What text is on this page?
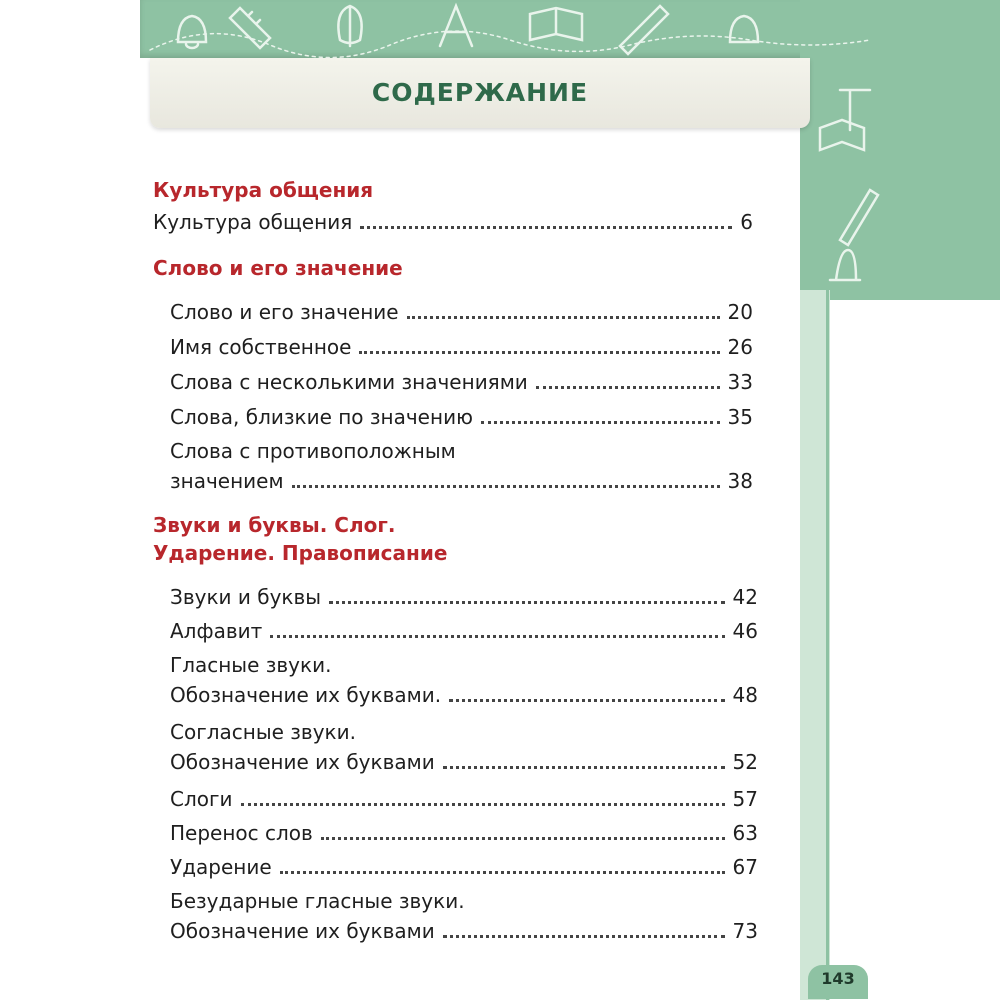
СОДЕРЖАНИЕ
Культура общения
Культура общения	6
Слово и его значение
Слово и его значение	20
Имя собственное	26
Слова с несколькими значениями	33
Слова, близкие по значению	35
Слова с противоположным
значением	38
Звуки и буквы. Слог.
Ударение. Правописание
Звуки и буквы	42
Алфавит	46
Гласные звуки.
Обозначение их буквами.	48
Согласные звуки.
Обозначение их буквами	52
Слоги	57
Перенос слов	63
Ударение	67
Безударные гласные звуки.
Обозначение их буквами	73
143
